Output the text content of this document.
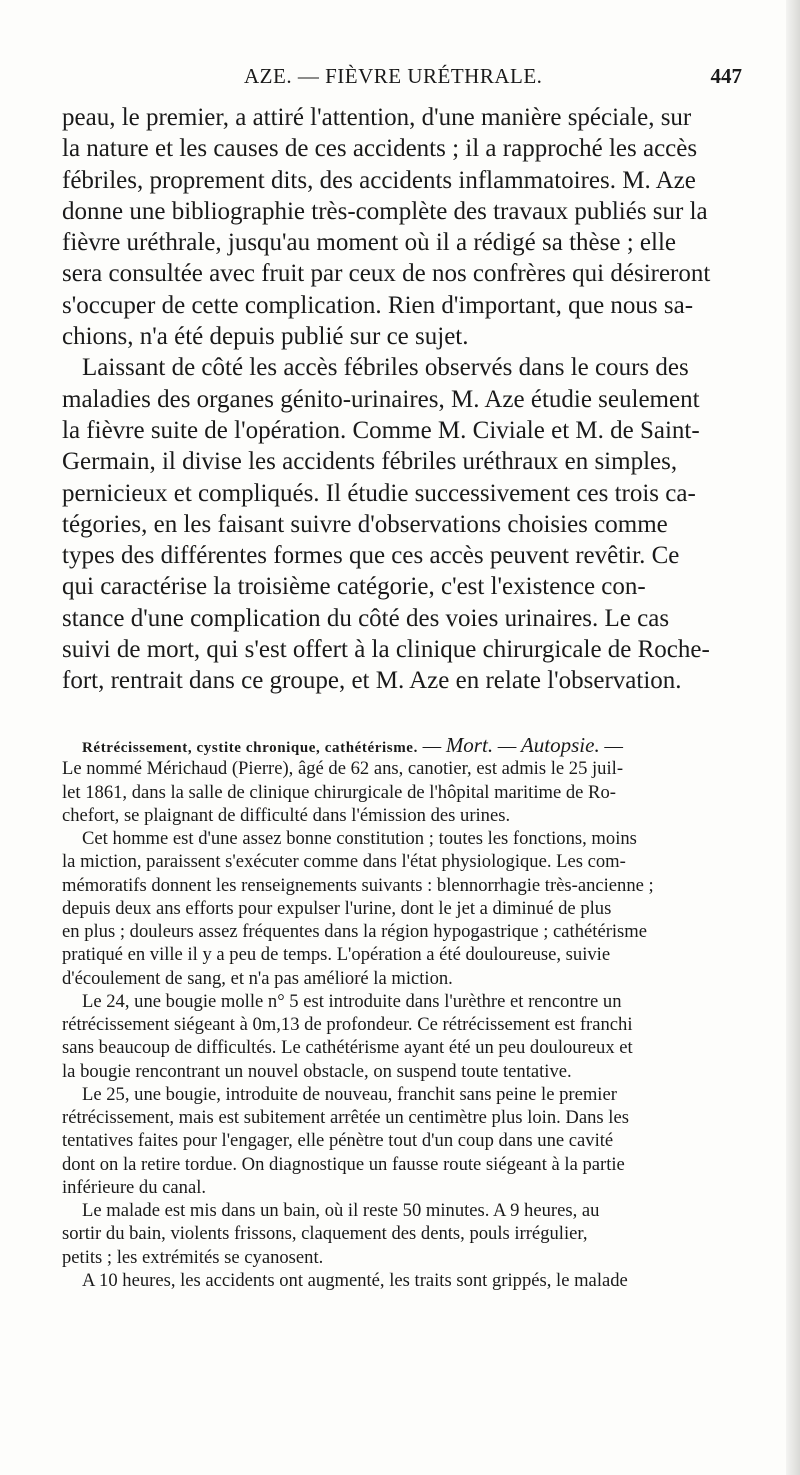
AZE. — FIÈVRE URÉTHRALE.	447
peau, le premier, a attiré l'attention, d'une manière spéciale, sur
la nature et les causes de ces accidents ; il a rapproché les accès
fébriles, proprement dits, des accidents inflammatoires. M. Aze
donne une bibliographie très-complète des travaux publiés sur la
fièvre uréthrale, jusqu'au moment où il a rédigé sa thèse ; elle
sera consultée avec fruit par ceux de nos confrères qui désireront
s'occuper de cette complication. Rien d'important, que nous sa-
chions, n'a été depuis publié sur ce sujet.
Laissant de côté les accès fébriles observés dans le cours des
maladies des organes génito-urinaires, M. Aze étudie seulement
la fièvre suite de l'opération. Comme M. Civiale et M. de Saint-
Germain, il divise les accidents fébriles uréthraux en simples,
pernicieux et compliqués. Il étudie successivement ces trois ca-
tégories, en les faisant suivre d'observations choisies comme
types des différentes formes que ces accès peuvent revêtir. Ce
qui caractérise la troisième catégorie, c'est l'existence con-
stance d'une complication du côté des voies urinaires. Le cas
suivi de mort, qui s'est offert à la clinique chirurgicale de Roche-
fort, rentrait dans ce groupe, et M. Aze en relate l'observation.
Rétrécissement, cystite chronique, cathétérisme. — Mort. — Autopsie. —
Le nommé Mérichaud (Pierre), âgé de 62 ans, canotier, est admis le 25 juil-
let 1861, dans la salle de clinique chirurgicale de l'hôpital maritime de Ro-
chefort, se plaignant de difficulté dans l'émission des urines.
Cet homme est d'une assez bonne constitution ; toutes les fonctions, moins
la miction, paraissent s'exécuter comme dans l'état physiologique. Les com-
mémoratifs donnent les renseignements suivants : blennorrhagie très-ancienne ;
depuis deux ans efforts pour expulser l'urine, dont le jet a diminué de plus
en plus ; douleurs assez fréquentes dans la région hypogastrique ; cathétérisme
pratiqué en ville il y a peu de temps. L'opération a été douloureuse, suivie
d'écoulement de sang, et n'a pas amélioré la miction.
Le 24, une bougie molle n° 5 est introduite dans l'urèthre et rencontre un
rétrécissement siégeant à 0m,13 de profondeur. Ce rétrécissement est franchi
sans beaucoup de difficultés. Le cathétérisme ayant été un peu douloureux et
la bougie rencontrant un nouvel obstacle, on suspend toute tentative.
Le 25, une bougie, introduite de nouveau, franchit sans peine le premier
rétrécissement, mais est subitement arrêtée un centimètre plus loin. Dans les
tentatives faites pour l'engager, elle pénètre tout d'un coup dans une cavité
dont on la retire tordue. On diagnostique un fausse route siégeant à la partie
inférieure du canal.
Le malade est mis dans un bain, où il reste 50 minutes. A 9 heures, au
sortir du bain, violents frissons, claquement des dents, pouls irrégulier,
petits ; les extrémités se cyanosent.
A 10 heures, les accidents ont augmenté, les traits sont grippés, le malade
